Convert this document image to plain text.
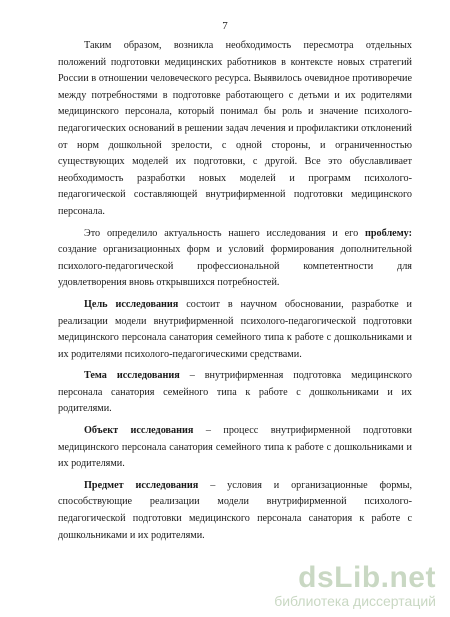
7

Таким образом, возникла необходимость пересмотра отдельных положений подготовки медицинских работников в контексте новых стратегий России в отношении человеческого ресурса. Выявилось очевидное противоречие между потребностями в подготовке работающего с детьми и их родителями медицинского персонала, который понимал бы роль и значение психолого-педагогических оснований в решении задач лечения и профилактики отклонений от норм дошкольной зрелости, с одной стороны, и ограниченностью существующих моделей их подготовки, с другой. Все это обуславливает необходимость разработки новых моделей и программ психолого-педагогической составляющей внутрифирменной подготовки медицинского персонала.

Это определило актуальность нашего исследования и его проблему: создание организационных форм и условий формирования дополнительной психолого-педагогической профессиональной компетентности для удовлетворения вновь открывшихся потребностей.

Цель исследования состоит в научном обосновании, разработке и реализации модели внутрифирменной психолого-педагогической подготовки медицинского персонала санатория семейного типа к работе с дошкольниками и их родителями психолого-педагогическими средствами.

Тема исследования – внутрифирменная подготовка медицинского персонала санатория семейного типа к работе с дошкольниками и их родителями.

Объект исследования – процесс внутрифирменной подготовки медицинского персонала санатория семейного типа к работе с дошкольниками и их родителями.

Предмет исследования – условия и организационные формы, способствующие реализации модели внутрифирменной психолого-педагогической подготовки медицинского персонала санатория к работе с дошкольниками и их родителями.

dsLib.net
библиотека диссертаций
